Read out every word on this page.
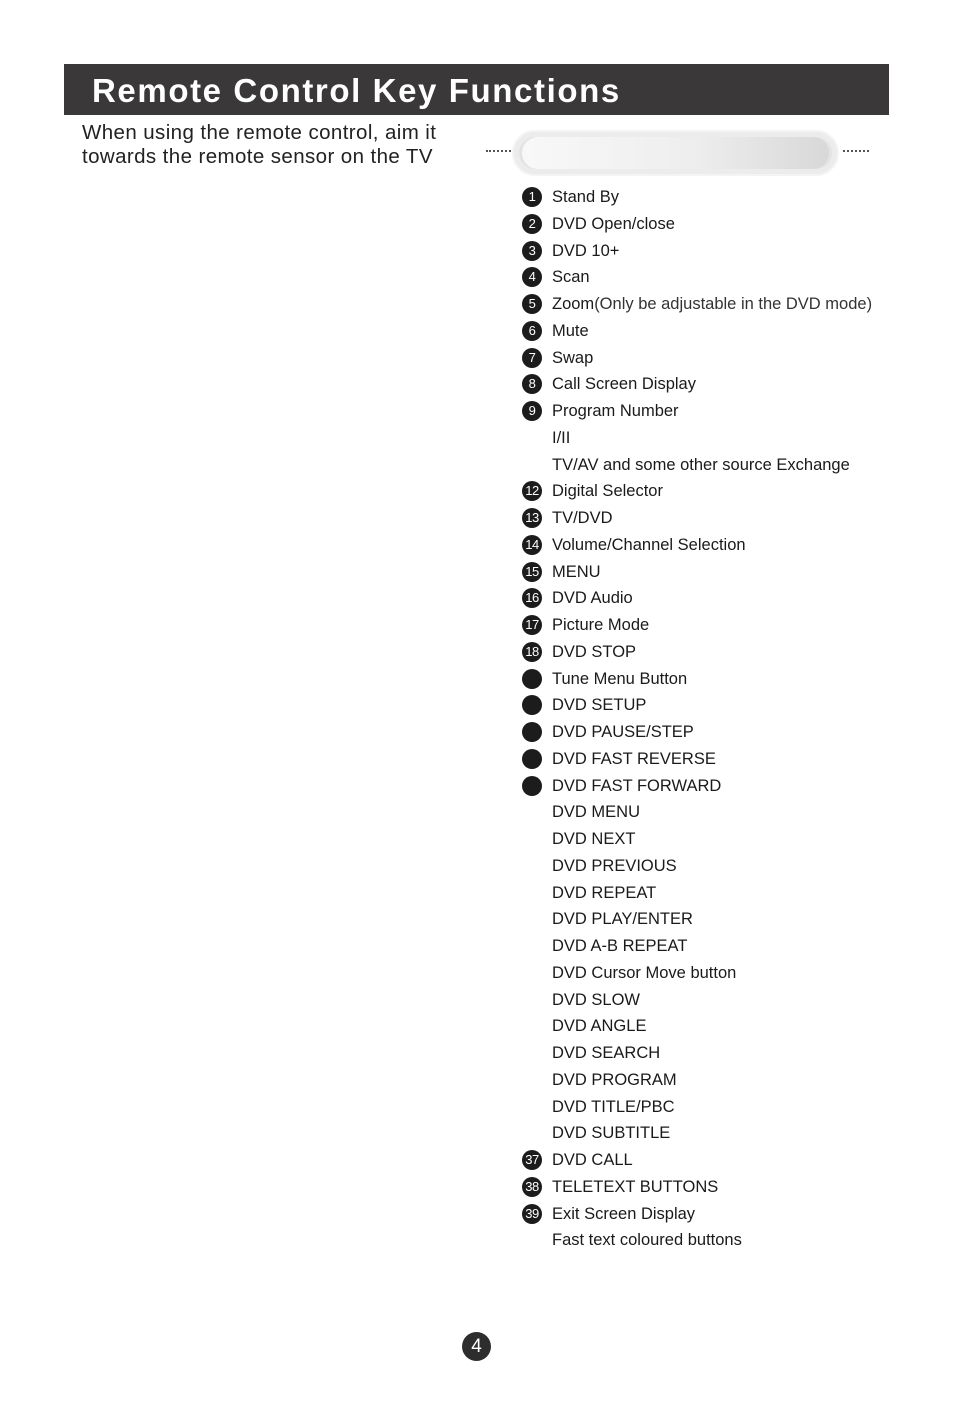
Remote Control Key Functions
When using the remote control, aim it
towards the remote sensor on the TV
1	Stand By
2	DVD Open/close
3	DVD 10+
4	Scan
5	Zoom(Only be adjustable in the DVD mode)
6	Mute
7	Swap
8	Call Screen Display
9	Program Number
I/II
TV/AV and some other source Exchange
12 Digital Selector
13 TV/DVD
14 Volume/Channel Selection
15 MENU
16 DVD Audio
17 Picture Mode
18 DVD STOP
Tune Menu Button
DVD SETUP
DVD PAUSE/STEP
DVD FAST REVERSE
DVD FAST FORWARD
DVD MENU
DVD NEXT
DVD PREVIOUS
DVD REPEAT
DVD PLAY/ENTER
DVD A-B REPEAT
DVD Cursor Move button
DVD SLOW
DVD ANGLE
DVD SEARCH
DVD PROGRAM
DVD TITLE/PBC
DVD SUBTITLE
37 DVD CALL
38 TELETEXT BUTTONS
39 Exit Screen Display
Fast text coloured buttons
4
